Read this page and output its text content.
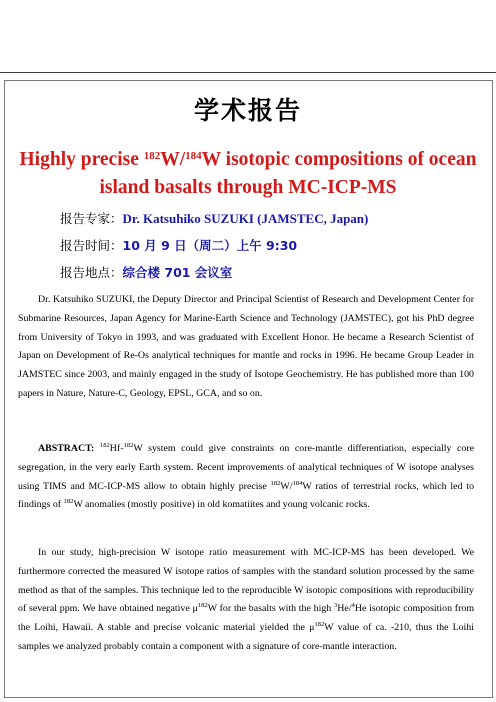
学术报告
Highly precise $^{182}$W/$^{184}$W isotopic compositions of ocean island basalts through MC-ICP-MS
报告专家：Dr. Katsuhiko SUZUKI (JAMSTEC, Japan)
报告时间：10 月 9 日（周二）上午 9:30
报告地点：综合楼 701 会议室

Dr. Katsuhiko SUZUKI, the Deputy Director and Principal Scientist of Research and Development Center for Submarine Resources, Japan Agency for Marine-Earth Science and Technology (JAMSTEC), got his PhD degree from University of Tokyo in 1993, and was graduated with Excellent Honor. He became a Research Scientist of Japan on Development of Re-Os analytical techniques for mantle and rocks in 1996. He became Group Leader in JAMSTEC since 2003, and mainly engaged in the study of Isotope Geochemistry. He has published more than 100 papers in Nature, Nature-C, Geology, EPSL, GCA, and so on.

ABSTRACT: $^{182}$Hf-$^{182}$W system could give constraints on core-mantle differentiation, especially core segregation, in the very early Earth system. Recent improvements of analytical techniques of W isotope analyses using TIMS and MC-ICP-MS allow to obtain highly precise $^{182}$W/$^{184}$W ratios of terrestrial rocks, which led to findings of $^{182}$W anomalies (mostly positive) in old komatiites and young volcanic rocks.

In our study, high-precision W isotope ratio measurement with MC-ICP-MS has been developed. We furthermore corrected the measured W isotope ratios of samples with the standard solution processed by the same method as that of the samples. This technique led to the reproducible W isotopic compositions with reproducibility of several ppm. We have obtained negative $\mu^{182}W$ for the basalts with the high $^3$He/$^4$He isotopic composition from the Loihi, Hawaii. A stable and precise volcanic material yielded the $\mu^{182}W$ value of ca. -210, thus the Loihi samples we analyzed probably contain a component with a signature of core-mantle interaction.
